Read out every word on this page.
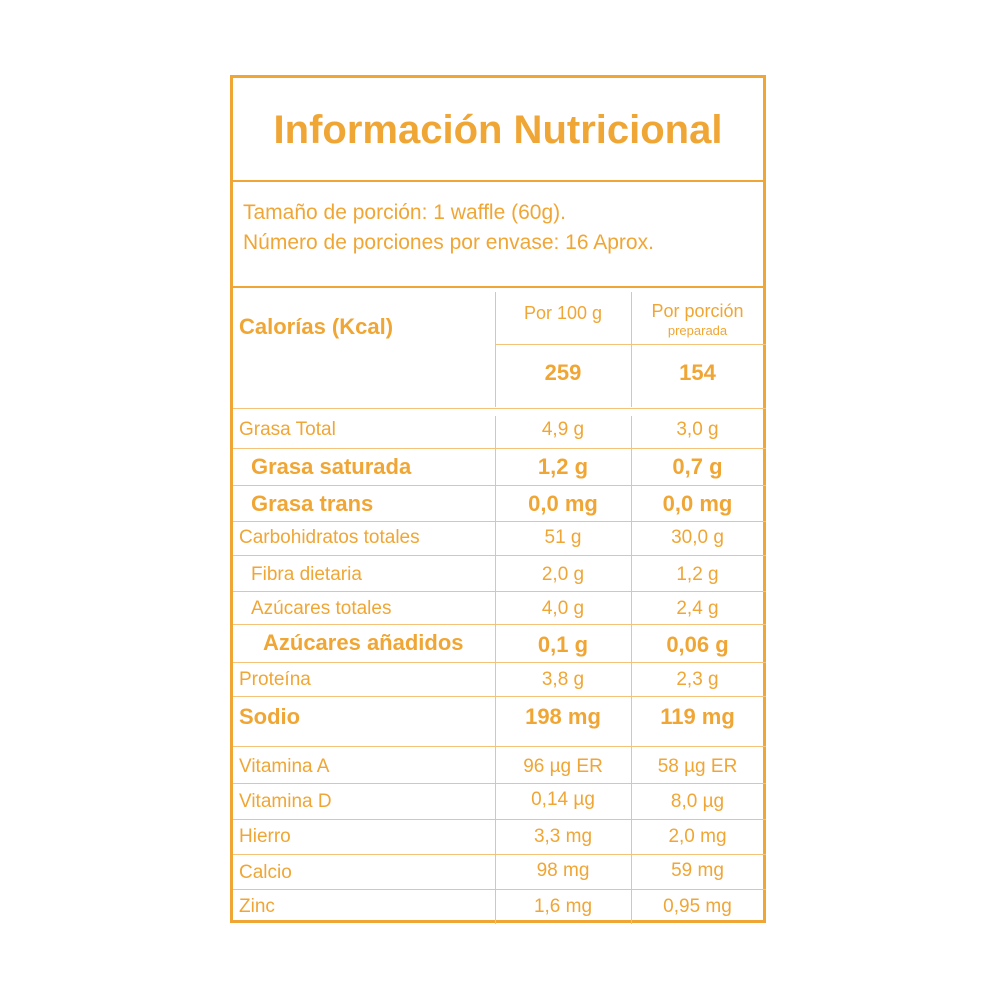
Información Nutricional
Tamaño de porción: 1 waffle (60g).
Número de porciones por envase: 16 Aprox.
Calorías (Kcal)
Por 100 g	Por porción
preparada
259	154
Grasa Total	4,9 g	3,0 g
Grasa saturada	1,2 g	0,7 g
Grasa trans	0,0 mg	0,0 mg
Carbohidratos totales	51 g	30,0 g
Fibra dietaria	2,0 g	1,2 g
Azúcares totales	4,0 g	2,4 g
Azúcares añadidos	0,1 g	0,06 g
Proteína	3,8 g	2,3 g
Sodio	198 mg	119 mg
Vitamina A	96 µg ER	58 µg ER
Vitamina D	0,14 µg	8,0 µg
Hierro	3,3 mg	2,0 mg
Calcio	98 mg	59 mg
Zinc	1,6 mg	0,95 mg
